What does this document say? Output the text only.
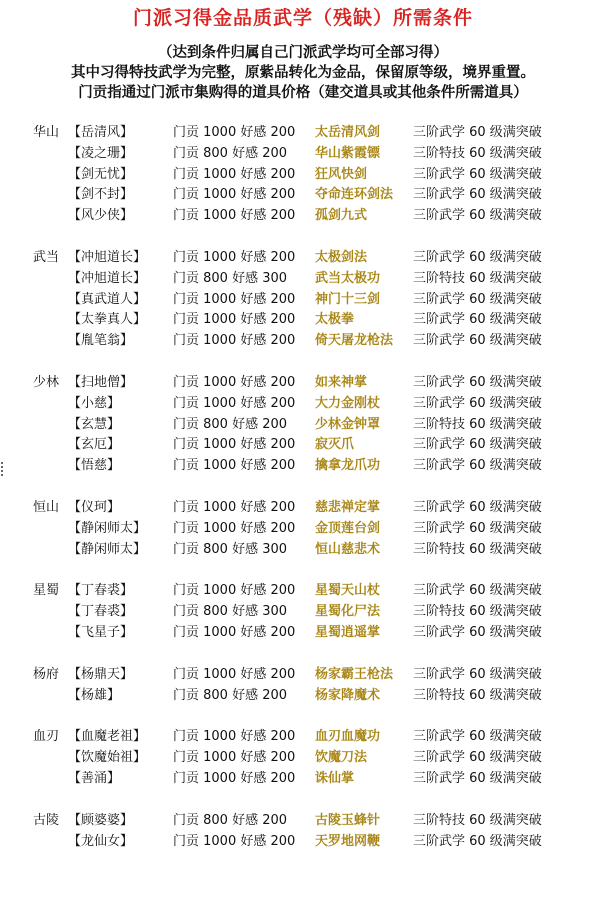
门派习得金品质武学（残缺）所需条件
（达到条件归属自己门派武学均可全部习得）
其中习得特技武学为完整，原紫品转化为金品，保留原等级，境界重置。
门贡指通过门派市集购得的道具价格（建交道具或其他条件所需道具）
华山	【 岳清风 】	门贡 1000 好感 200 太岳清风剑	三阶武学 60 级满突破
【 凌之珊 】	门贡 800 好感 200 华山紫霞镖	三阶特技 60 级满突破
【 剑无忧 】	门贡 1000 好感 200 狂风快剑	三阶武学 60 级满突破
【 剑不封 】	门贡 1000 好感 200 夺命连环剑法 三阶武学 60 级满突破
【 风少侠 】	门贡 1000 好感 200 孤剑九式	三阶武学 60 级满突破
武当	【 冲旭道长 】	门贡 1000 好感 200 太极剑法	三阶武学 60 级满突破
【 冲旭道长 】	门贡 800 好感 300 武当太极功	三阶特技 60 级满突破
【 真武道人 】	门贡 1000 好感 200 神门十三剑	三阶武学 60 级满突破
【 太拳真人 】	门贡 1000 好感 200 太极拳	三阶武学 60 级满突破
【 胤笔翁 】	门贡 1000 好感 200 倚天屠龙枪法 三阶武学 60 级满突破
少林	【 扫地僧 】	门贡 1000 好感 200 如来神掌	三阶武学 60 级满突破
【 小慈 】	门贡 1000 好感 200 大力金刚杖	三阶武学 60 级满突破
【 玄慧 】	门贡 800 好感 200 少林金钟罩	三阶特技 60 级满突破
【 玄厄 】	门贡 1000 好感 200 寂灭爪	三阶武学 60 级满突破
【 悟慈 】	门贡 1000 好感 200 擒拿龙爪功	三阶武学 60 级满突破
恒山	【 仪珂 】	门贡 1000 好感 200 慈悲禅定掌	三阶武学 60 级满突破
【 静闲师太 】	门贡 1000 好感 200 金顶莲台剑	三阶武学 60 级满突破
【 静闲师太 】	门贡 800 好感 300 恒山慈悲术	三阶特技 60 级满突破
星蜀	【 丁春裘 】	门贡 1000 好感 200 星蜀天山杖	三阶武学 60 级满突破
【 丁春裘 】	门贡 800 好感 300 星蜀化尸法	三阶特技 60 级满突破
【 飞星子 】	门贡 1000 好感 200 星蜀逍遥掌	三阶武学 60 级满突破
杨府	【 杨鼎天 】	门贡 1000 好感 200 杨家霸王枪法 三阶武学 60 级满突破
【 杨雄 】	门贡 800 好感 200 杨家降魔术	三阶特技 60 级满突破
血刃	【 血魔老祖 】	门贡 1000 好感 200 血刃血魔功	三阶武学 60 级满突破
【 饮魔始祖 】	门贡 1000 好感 200 饮魔刀法	三阶武学 60 级满突破
【 善涌 】	门贡 1000 好感 200 诛仙掌	三阶武学 60 级满突破
古陵	【 顾婆婆 】	门贡 800 好感 200 古陵玉蜂针	三阶特技 60 级满突破
【 龙仙女 】	门贡 1000 好感 200 天罗地网鞭	三阶武学 60 级满突破
